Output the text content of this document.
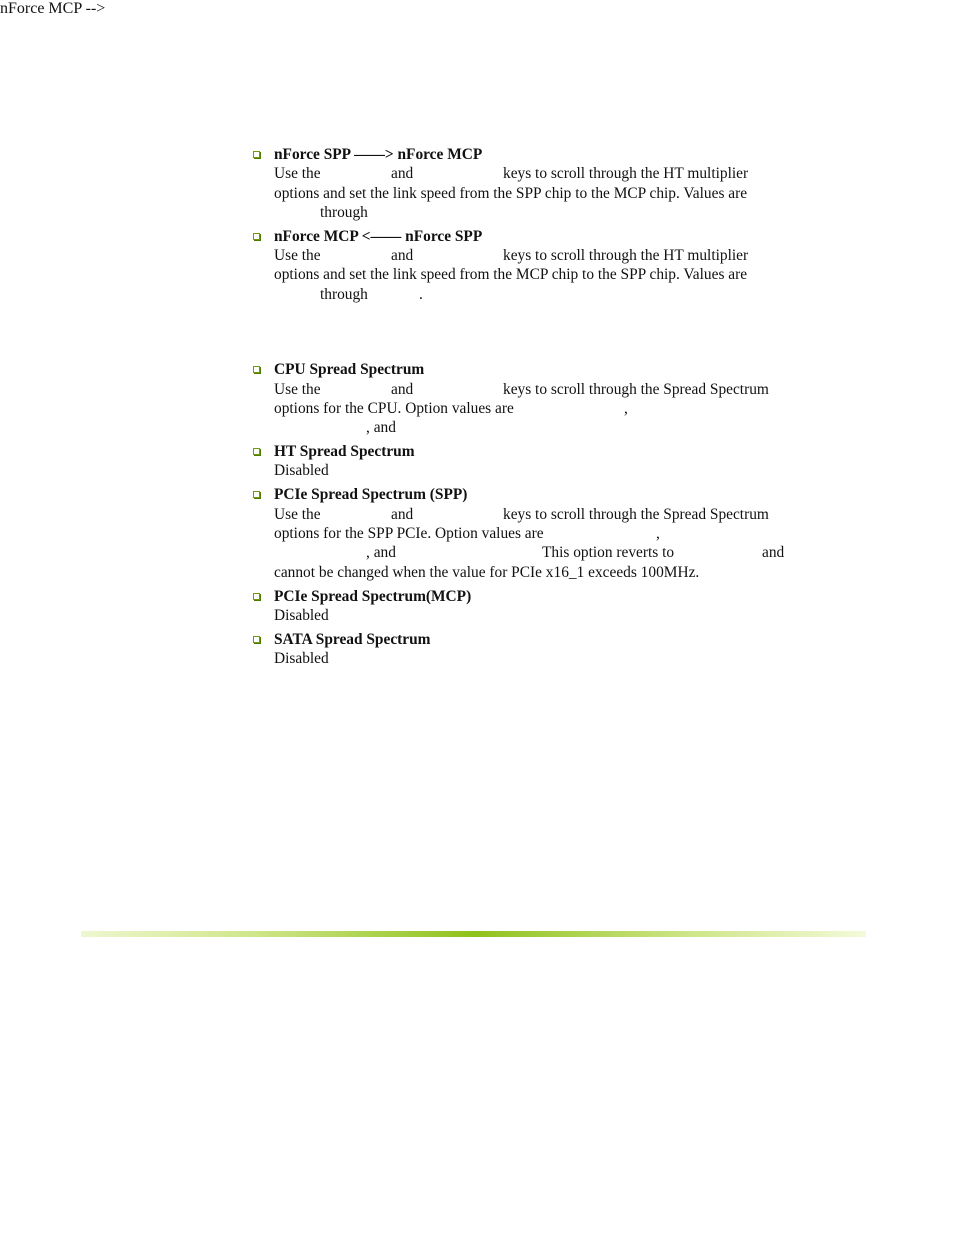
nForce MCP -->
nForce SPP ——> nForce MCP
Use the	and	keys to scroll through the HT multiplier
options and set the link speed from the SPP chip to the MCP chip. Values are
through
nForce MCP <—— nForce SPP
Use the	and	keys to scroll through the HT multiplier
options and set the link speed from the MCP chip to the SPP chip. Values are
through	.
CPU Spread Spectrum
Use the	and	keys to scroll through the Spread Spectrum
options for the CPU. Option values are	,
, and
HT Spread Spectrum
Disabled
PCIe Spread Spectrum (SPP)
Use the	and	keys to scroll through the Spread Spectrum
options for the SPP PCIe. Option values are	,
, and	This option reverts to	and
cannot be changed when the value for PCIe x16_1 exceeds 100MHz.
PCIe Spread Spectrum(MCP)
Disabled
SATA Spread Spectrum
Disabled
